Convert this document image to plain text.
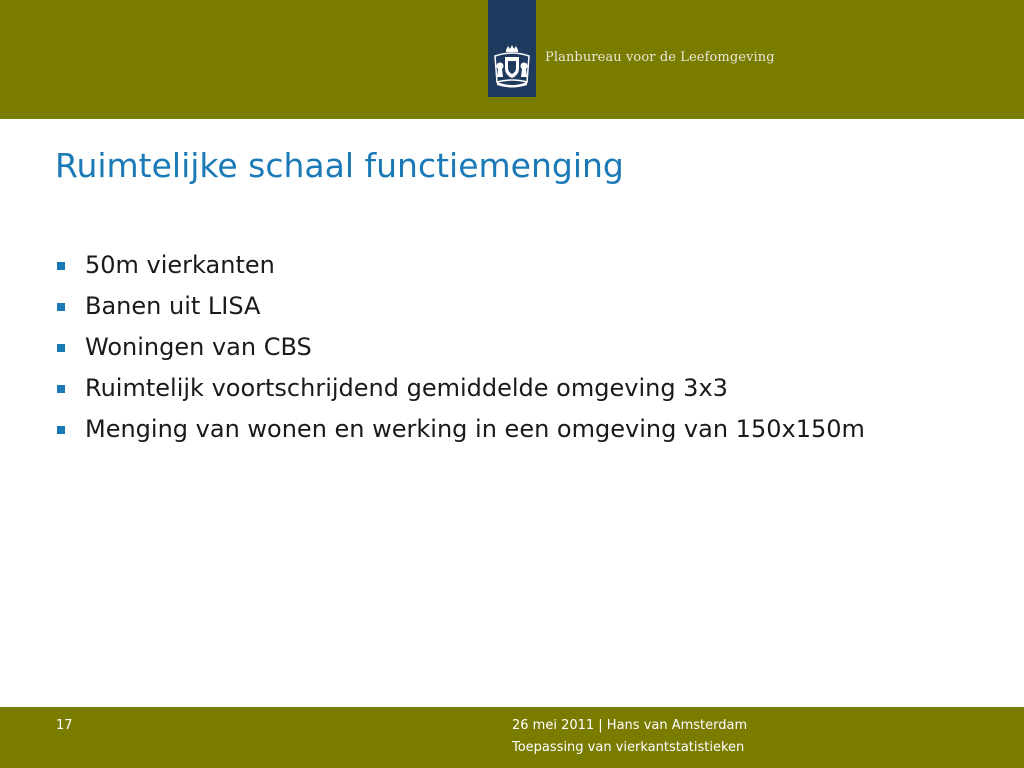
Planbureau voor de Leefomgeving
Ruimtelijke schaal functiemenging
50m vierkanten
Banen uit LISA
Woningen van CBS
Ruimtelijk voortschrijdend gemiddelde omgeving 3x3
Menging van wonen en werking in een omgeving van 150x150m
17	26 mei 2011 | Hans van Amsterdam
Toepassing van vierkantstatistieken
